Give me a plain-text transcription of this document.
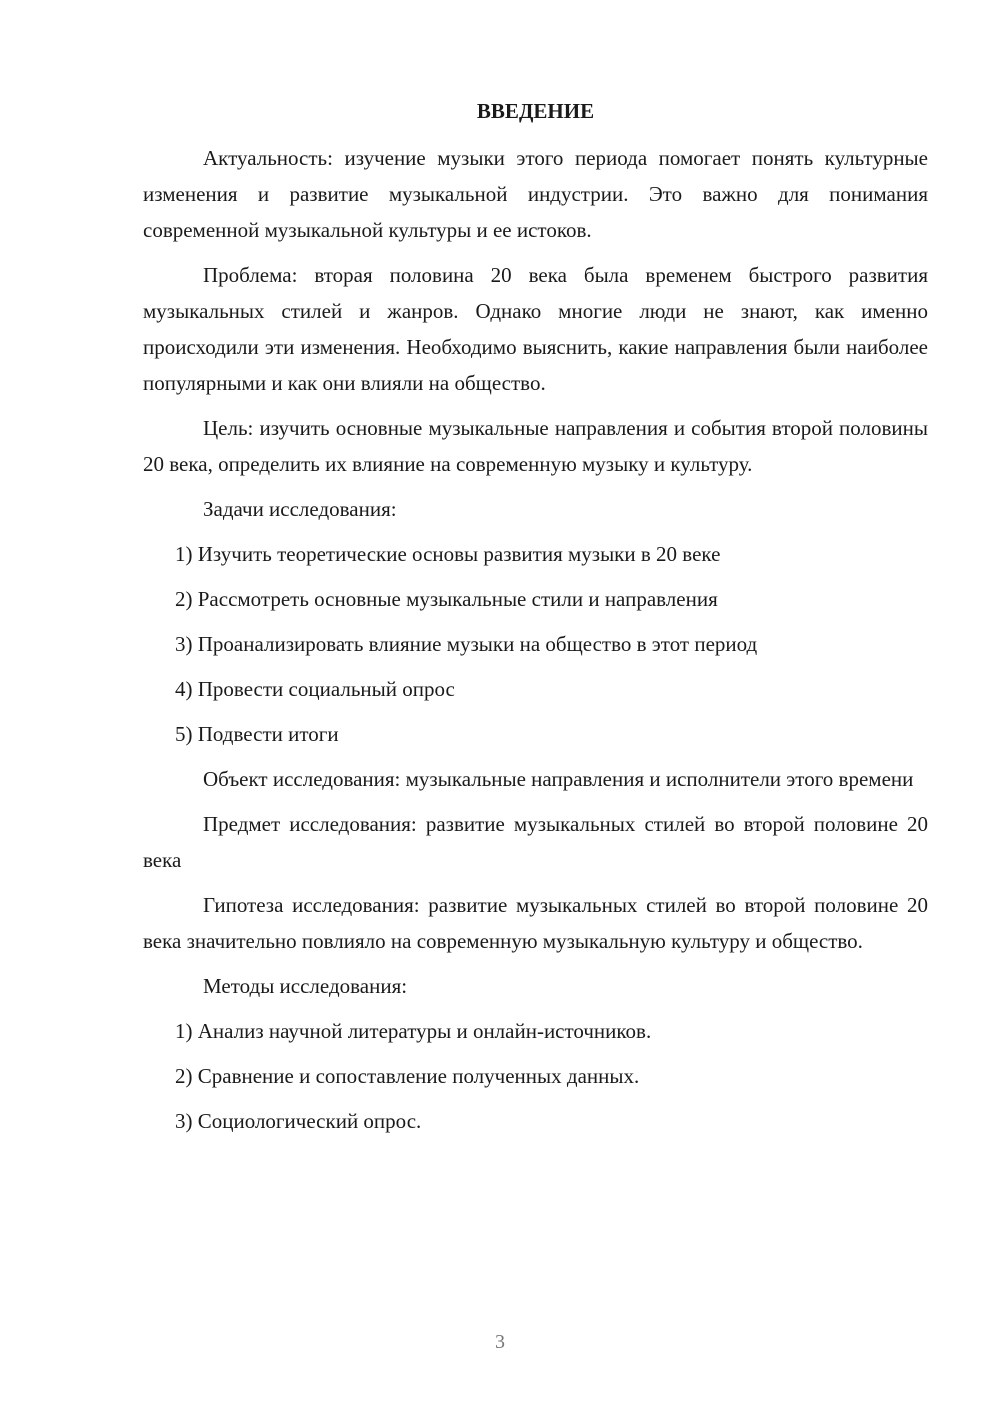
ВВЕДЕНИЕ

Актуальность: изучение музыки этого периода помогает понять культурные изменения и развитие музыкальной индустрии. Это важно для понимания современной музыкальной культуры и ее истоков.

Проблема: вторая половина 20 века была временем быстрого развития музыкальных стилей и жанров. Однако многие люди не знают, как именно происходили эти изменения. Необходимо выяснить, какие направления были наиболее популярными и как они влияли на общество.

Цель: изучить основные музыкальные направления и события второй половины 20 века, определить их влияние на современную музыку и культуру.

Задачи исследования:

1) Изучить теоретические основы развития музыки в 20 веке
2) Рассмотреть основные музыкальные стили и направления
3) Проанализировать влияние музыки на общество в этот период
4) Провести социальный опрос
5) Подвести итоги

Объект исследования: музыкальные направления и исполнители этого времени

Предмет исследования: развитие музыкальных стилей во второй половине 20 века

Гипотеза исследования: развитие музыкальных стилей во второй половине 20 века значительно повлияло на современную музыкальную культуру и общество.

Методы исследования:

1) Анализ научной литературы и онлайн-источников.
2) Сравнение и сопоставление полученных данных.
3) Социологический опрос.
3
